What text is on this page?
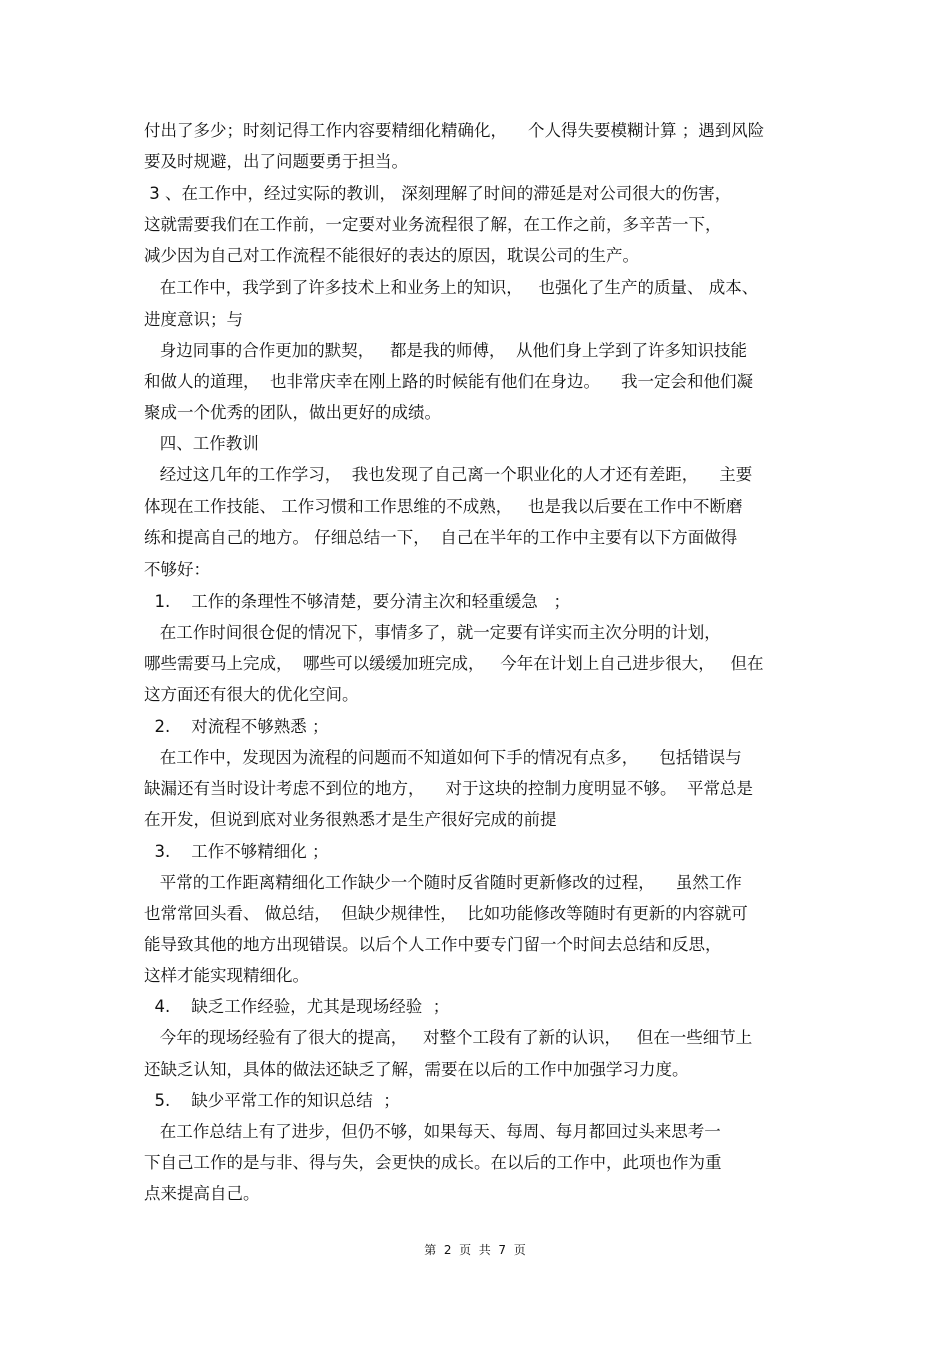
付出了多少；时刻记得工作内容要精细化精确化，    个人得失要模糊计算 ；遇到风险
要及时规避，出了问题要勇于担当。
3 、在工作中，经过实际的教训， 深刻理解了时间的滞延是对公司很大的伤害，
这就需要我们在工作前，一定要对业务流程很了解，在工作之前，多辛苦一下，
减少因为自己对工作流程不能很好的表达的原因，耽误公司的生产。
在工作中，我学到了许多技术上和业务上的知识，   也强化了生产的质量、 成本、
进度意识；与
身边同事的合作更加的默契，   都是我的师傅，  从他们身上学到了许多知识技能
和做人的道理，  也非常庆幸在刚上路的时候能有他们在身边。    我一定会和他们凝
聚成一个优秀的团队，做出更好的成绩。
四、工作教训
经过这几年的工作学习，  我也发现了自己离一个职业化的人才还有差距，    主要
体现在工作技能、 工作习惯和工作思维的不成熟，   也是我以后要在工作中不断磨
练和提高自己的地方。 仔细总结一下，  自己在半年的工作中主要有以下方面做得
不够好：
1.    工作的条理性不够清楚，要分清主次和轻重缓急   ；
在工作时间很仓促的情况下，事情多了，就一定要有详实而主次分明的计划，
哪些需要马上完成，  哪些可以缓缓加班完成，   今年在计划上自己进步很大，   但在
这方面还有很大的优化空间。
2.    对流程不够熟悉 ；
在工作中，发现因为流程的问题而不知道如何下手的情况有点多，    包括错误与
缺漏还有当时设计考虑不到位的地方，    对于这块的控制力度明显不够。  平常总是
在开发，但说到底对业务很熟悉才是生产很好完成的前提
3.    工作不够精细化 ；
平常的工作距离精细化工作缺少一个随时反省随时更新修改的过程，    虽然工作
也常常回头看、 做总结，  但缺少规律性，  比如功能修改等随时有更新的内容就可
能导致其他的地方出现错误。以后个人工作中要专门留一个时间去总结和反思，
这样才能实现精细化。
4.    缺乏工作经验，尤其是现场经验  ；
今年的现场经验有了很大的提高，   对整个工段有了新的认识，   但在一些细节上
还缺乏认知，具体的做法还缺乏了解，需要在以后的工作中加强学习力度。
5.    缺少平常工作的知识总结  ；
在工作总结上有了进步，但仍不够，如果每天、每周、每月都回过头来思考一
下自己工作的是与非、得与失，会更快的成长。在以后的工作中，此项也作为重
点来提高自己。
第  2  页  共  7  页
